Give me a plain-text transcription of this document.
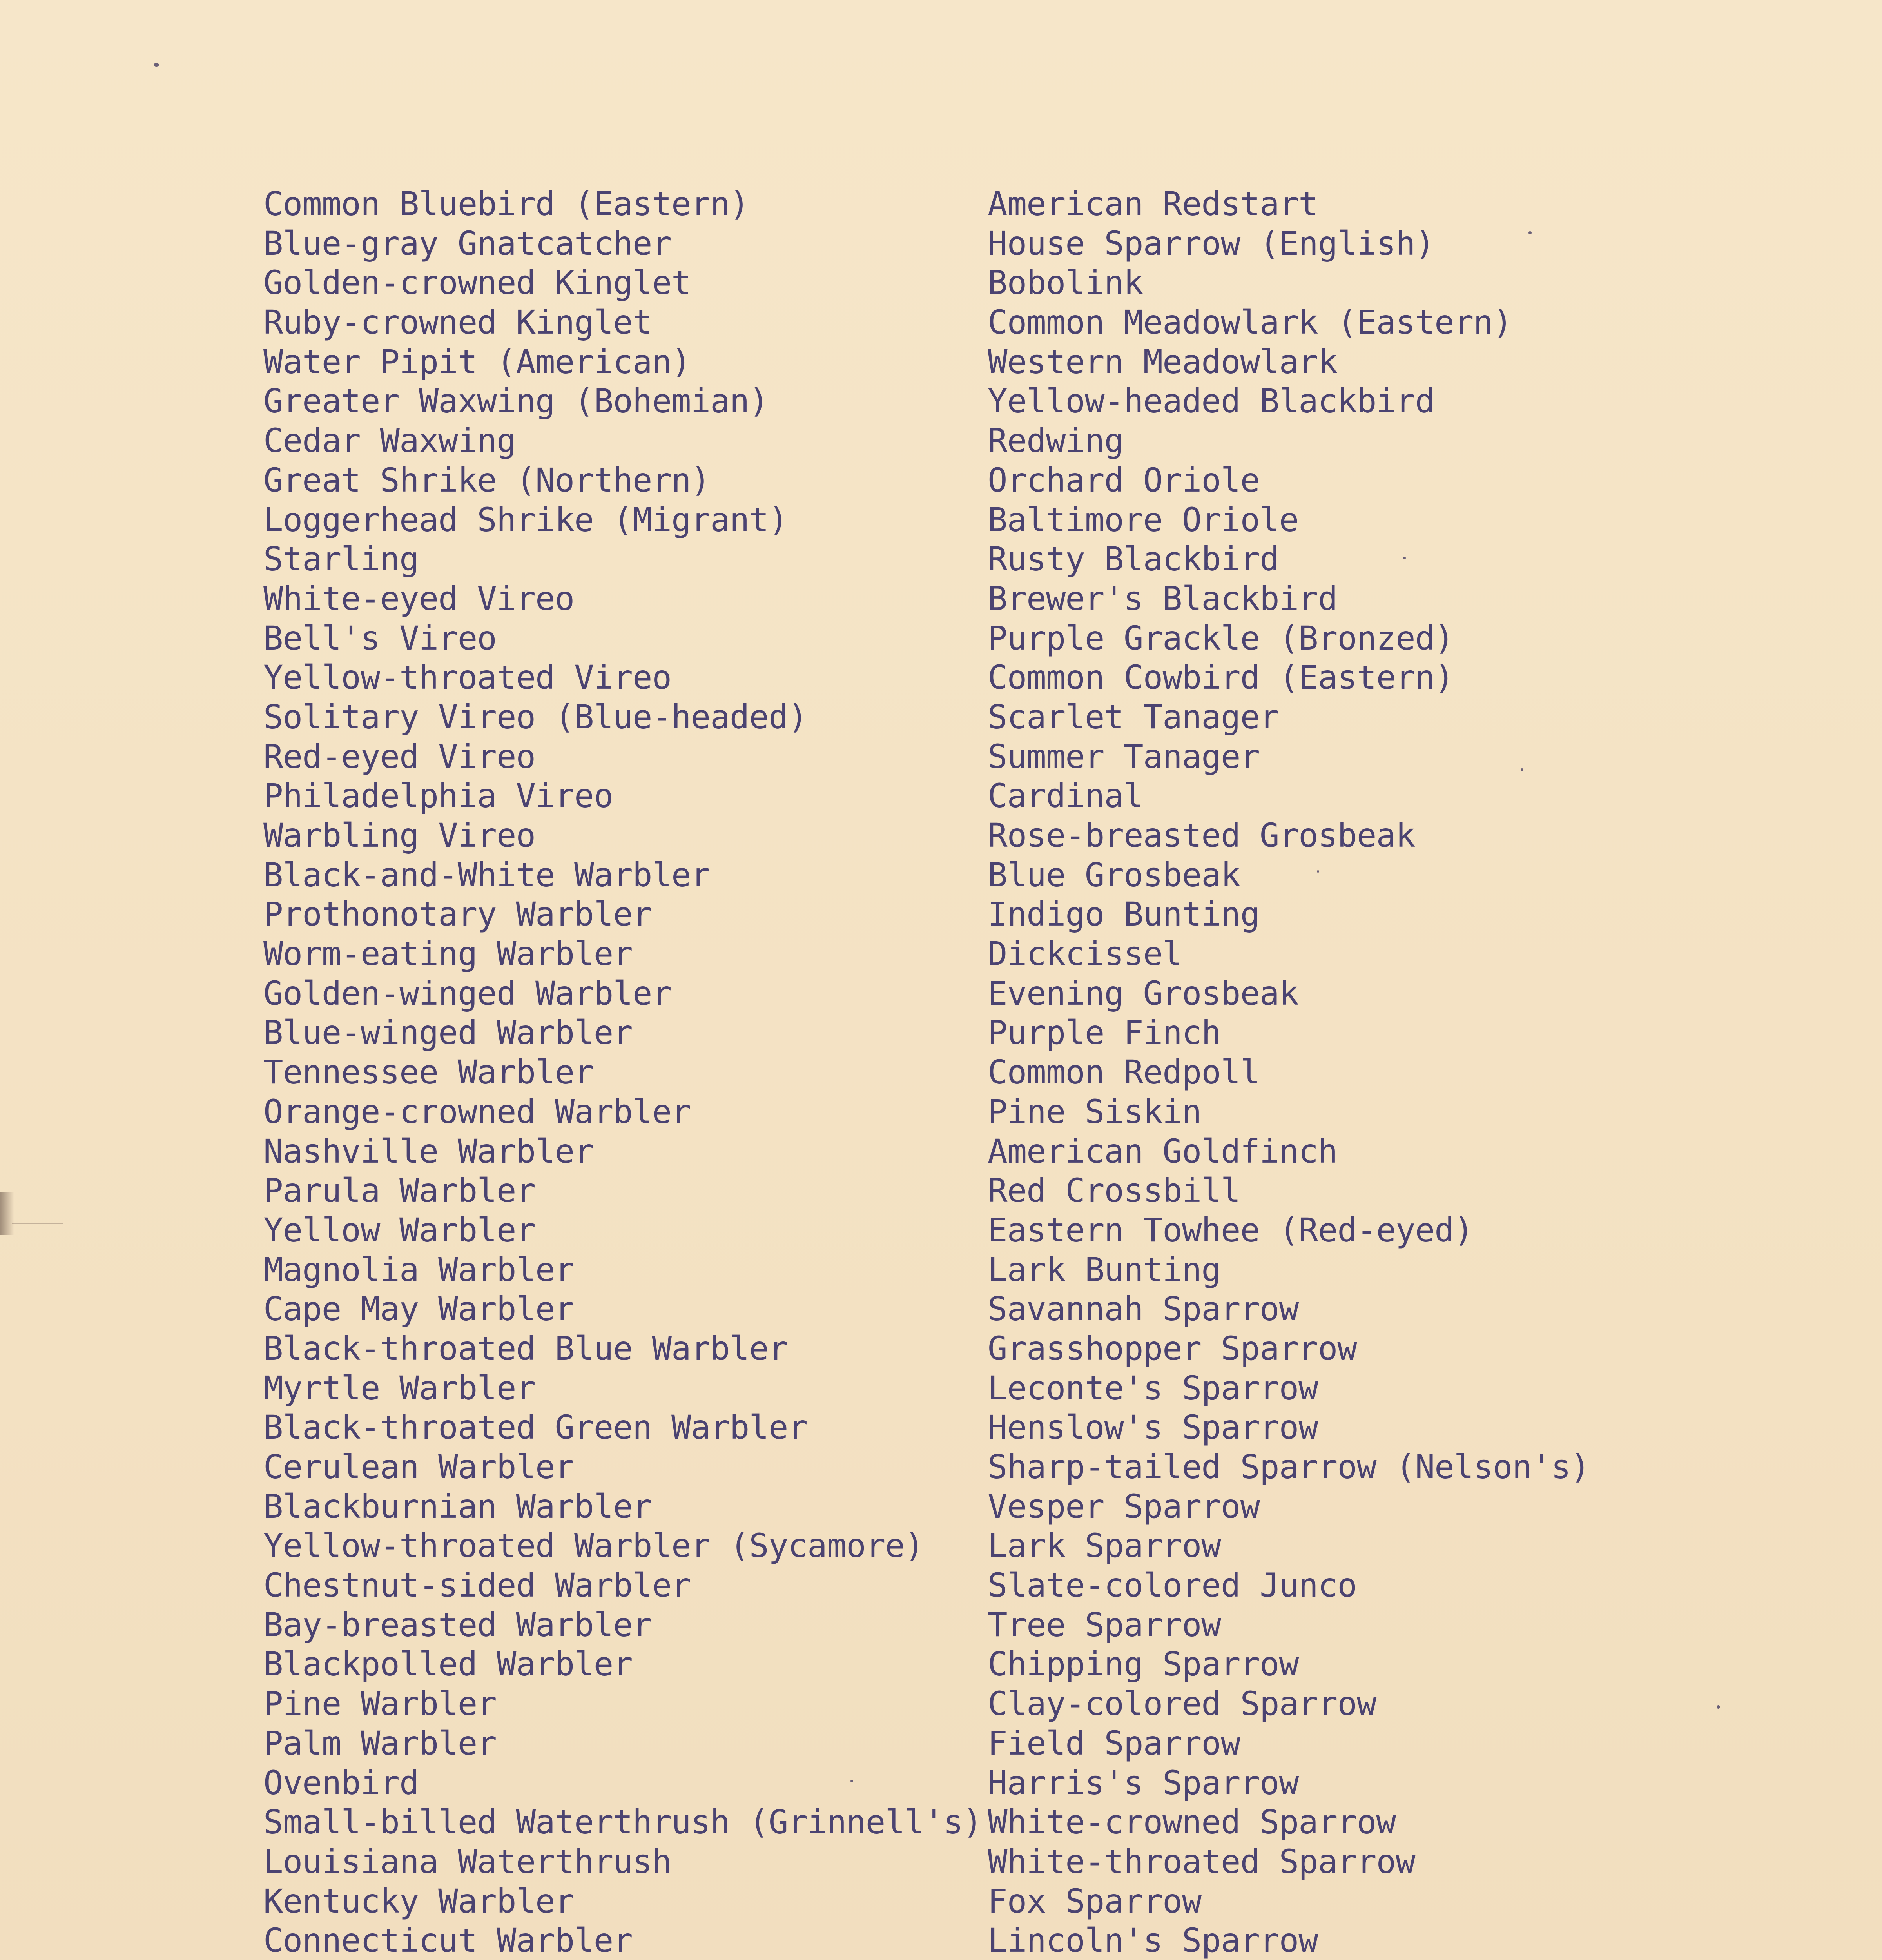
Common Bluebird (Eastern)
Blue-gray Gnatcatcher
Golden-crowned Kinglet
Ruby-crowned Kinglet
Water Pipit (American)
Greater Waxwing (Bohemian)
Cedar Waxwing
Great Shrike (Northern)
Loggerhead Shrike (Migrant)
Starling
White-eyed Vireo
Bell's Vireo
Yellow-throated Vireo
Solitary Vireo (Blue-headed)
Red-eyed Vireo
Philadelphia Vireo
Warbling Vireo
Black-and-White Warbler
Prothonotary Warbler
Worm-eating Warbler
Golden-winged Warbler
Blue-winged Warbler
Tennessee Warbler
Orange-crowned Warbler
Nashville Warbler
Parula Warbler
Yellow Warbler
Magnolia Warbler
Cape May Warbler
Black-throated Blue Warbler
Myrtle Warbler
Black-throated Green Warbler
Cerulean Warbler
Blackburnian Warbler
Yellow-throated Warbler (Sycamore)
Chestnut-sided Warbler
Bay-breasted Warbler
Blackpolled Warbler
Pine Warbler
Palm Warbler
Ovenbird
Small-billed Waterthrush (Grinnell's)
Louisiana Waterthrush
Kentucky Warbler
Connecticut Warbler
American Redstart
House Sparrow (English)
Bobolink
Common Meadowlark (Eastern)
Western Meadowlark
Yellow-headed Blackbird
Redwing
Orchard Oriole
Baltimore Oriole
Rusty Blackbird
Brewer's Blackbird
Purple Grackle (Bronzed)
Common Cowbird (Eastern)
Scarlet Tanager
Summer Tanager
Cardinal
Rose-breasted Grosbeak
Blue Grosbeak
Indigo Bunting
Dickcissel
Evening Grosbeak
Purple Finch
Common Redpoll
Pine Siskin
American Goldfinch
Red Crossbill
Eastern Towhee (Red-eyed)
Lark Bunting
Savannah Sparrow
Grasshopper Sparrow
Leconte's Sparrow
Henslow's Sparrow
Sharp-tailed Sparrow (Nelson's)
Vesper Sparrow
Lark Sparrow
Slate-colored Junco
Tree Sparrow
Chipping Sparrow
Clay-colored Sparrow
Field Sparrow
Harris's Sparrow
White-crowned Sparrow
White-throated Sparrow
Fox Sparrow
Lincoln's Sparrow
